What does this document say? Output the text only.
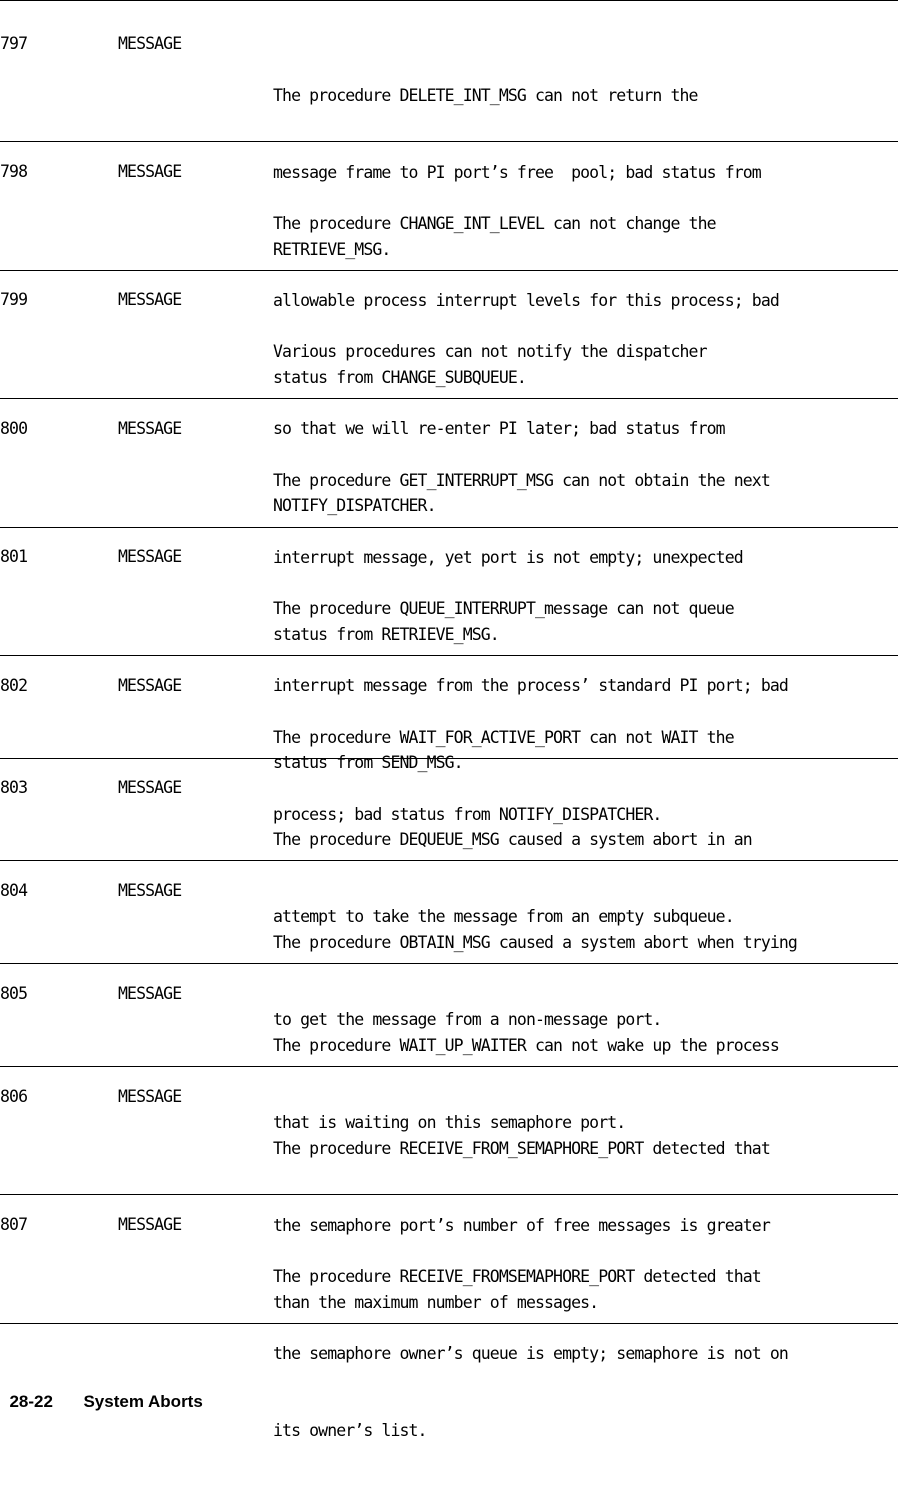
797

	MESSAGE

The procedure DELETE_INT_MSG can not return the

message frame to PI port’s free  pool; bad status from

RETRIEVE_MSG.

798

	MESSAGE

The procedure CHANGE_INT_LEVEL can not change the

allowable process interrupt levels for this process; bad

status from CHANGE_SUBQUEUE.

799

	MESSAGE

Various procedures can not notify the dispatcher

so that we will re-enter PI later; bad status from

NOTIFY_DISPATCHER.

800

	MESSAGE

The procedure GET_INTERRUPT_MSG can not obtain the next

interrupt message, yet port is not empty; unexpected

status from RETRIEVE_MSG.

801

	MESSAGE

The procedure QUEUE_INTERRUPT_message can not queue

interrupt message from the process’ standard PI port; bad

status from SEND_MSG.

802

	MESSAGE

The procedure WAIT_FOR_ACTIVE_PORT can not WAIT the

process; bad status from NOTIFY_DISPATCHER.

803

	MESSAGE

The procedure DEQUEUE_MSG caused a system abort in an

attempt to take the message from an empty subqueue.

804

	MESSAGE

The procedure OBTAIN_MSG caused a system abort when trying

to get the message from a non-message port.

805

	MESSAGE

The procedure WAIT_UP_WAITER can not wake up the process

that is waiting on this semaphore port.

806

	MESSAGE

The procedure RECEIVE_FROM_SEMAPHORE_PORT detected that

the semaphore port’s number of free messages is greater

than the maximum number of messages.

807

	MESSAGE

The procedure RECEIVE_FROMSEMAPHORE_PORT detected that

the semaphore owner’s queue is empty; semaphore is not on

its owner’s list.

28-22 System Aborts
